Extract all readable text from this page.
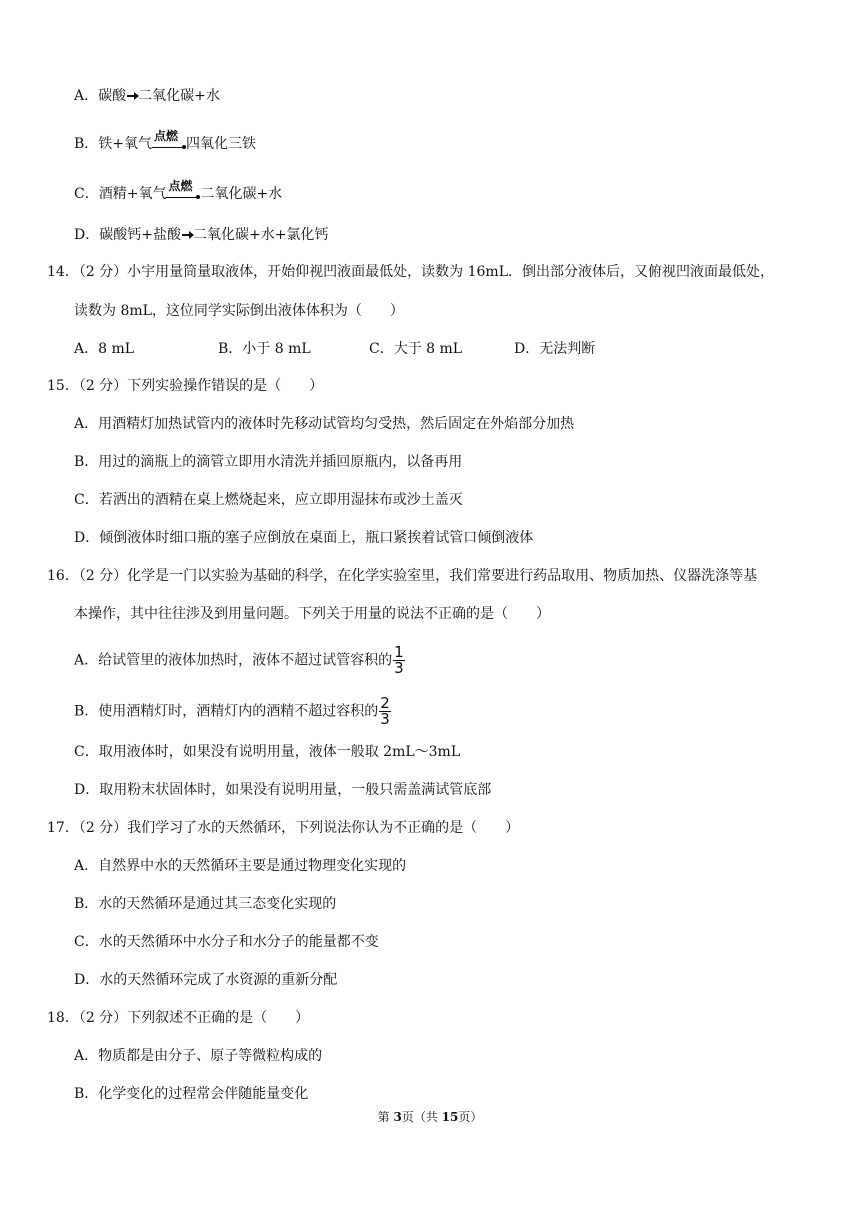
A．碳酸 二氧化碳+水
B．铁+氧气 点燃 四氧化三铁
C．酒精+氧气 点燃 二氧化碳+水
D．碳酸钙+盐酸 二氧化碳+水+氯化钙
14．（2 分）小宇用量筒量取液体，开始仰视凹液面最低处，读数为 16mL．倒出部分液体后，又俯视凹液面最低处，
读数为 8mL，这位同学实际倒出液体体积为（　　）
A．8 mL	B．小于 8 mL	C．大于 8 mL	D．无法判断
15．（2 分）下列实验操作错误的是（　　）
A．用酒精灯加热试管内的液体时先移动试管均匀受热，然后固定在外焰部分加热
B．用过的滴瓶上的滴管立即用水清洗并插回原瓶内，以备再用
C．若洒出的酒精在桌上燃烧起来，应立即用湿抹布或沙土盖灭
D．倾倒液体时细口瓶的塞子应倒放在桌面上，瓶口紧挨着试管口倾倒液体
16．（2 分）化学是一门以实验为基础的科学，在化学实验室里，我们常要进行药品取用、物质加热、仪器洗涤等基
本操作，其中往往涉及到用量问题。下列关于用量的说法不正确的是（　　）
A．给试管里的液体加热时，液体不超过试管容积的 $\frac{1}{3}$
B．使用酒精灯时，酒精灯内的酒精不超过容积的 $\frac{2}{3}$
C．取用液体时，如果没有说明用量，液体一般取 2mL～3mL
D．取用粉末状固体时，如果没有说明用量，一般只需盖满试管底部
17．（2 分）我们学习了水的天然循环，下列说法你认为不正确的是（　　）
A．自然界中水的天然循环主要是通过物理变化实现的
B．水的天然循环是通过其三态变化实现的
C．水的天然循环中水分子和水分子的能量都不变
D．水的天然循环完成了水资源的重新分配
18．（2 分）下列叙述不正确的是（　　）
A．物质都是由分子、原子等微粒构成的
B．化学变化的过程常会伴随能量变化
第 3页（共 15页）
